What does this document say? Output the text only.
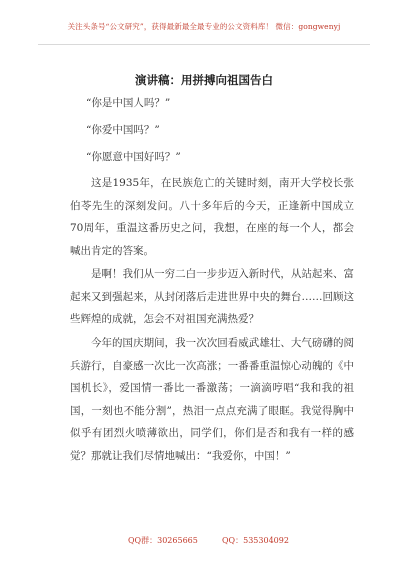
关注头条号“公文研究”，获得最新最全最专业的公文资料库！ 微信：gongwenyj
演讲稿：用拼搏向祖国告白
“你是中国人吗？”
“你爱中国吗？”
“你愿意中国好吗？”
这是1935年，在民族危亡的关键时刻，南开大学校长张伯苓先生的深刻发问。八十多年后的今天，正逢新中国成立70周年，重温这番历史之问，我想，在座的每一个人，都会喊出肯定的答案。
是啊！我们从一穷二白一步步迈入新时代，从站起来、富起来又到强起来，从封闭落后走进世界中央的舞台……回顾这些辉煌的成就，怎会不对祖国充满热爱？
今年的国庆期间，我一次次回看威武雄壮、大气磅礴的阅兵游行，自豪感一次比一次高涨；一番番重温惊心动魄的《中国机长》，爱国情一番比一番激荡；一滴滴哼唱“我和我的祖国，一刻也不能分割”，热泪一点点充满了眼眶。我觉得胸中似乎有团烈火喷薄欲出，同学们，你们是否和我有一样的感觉？那就让我们尽情地喊出：“我爱你，中国！”
QQ群：30265665	QQ：535304092
